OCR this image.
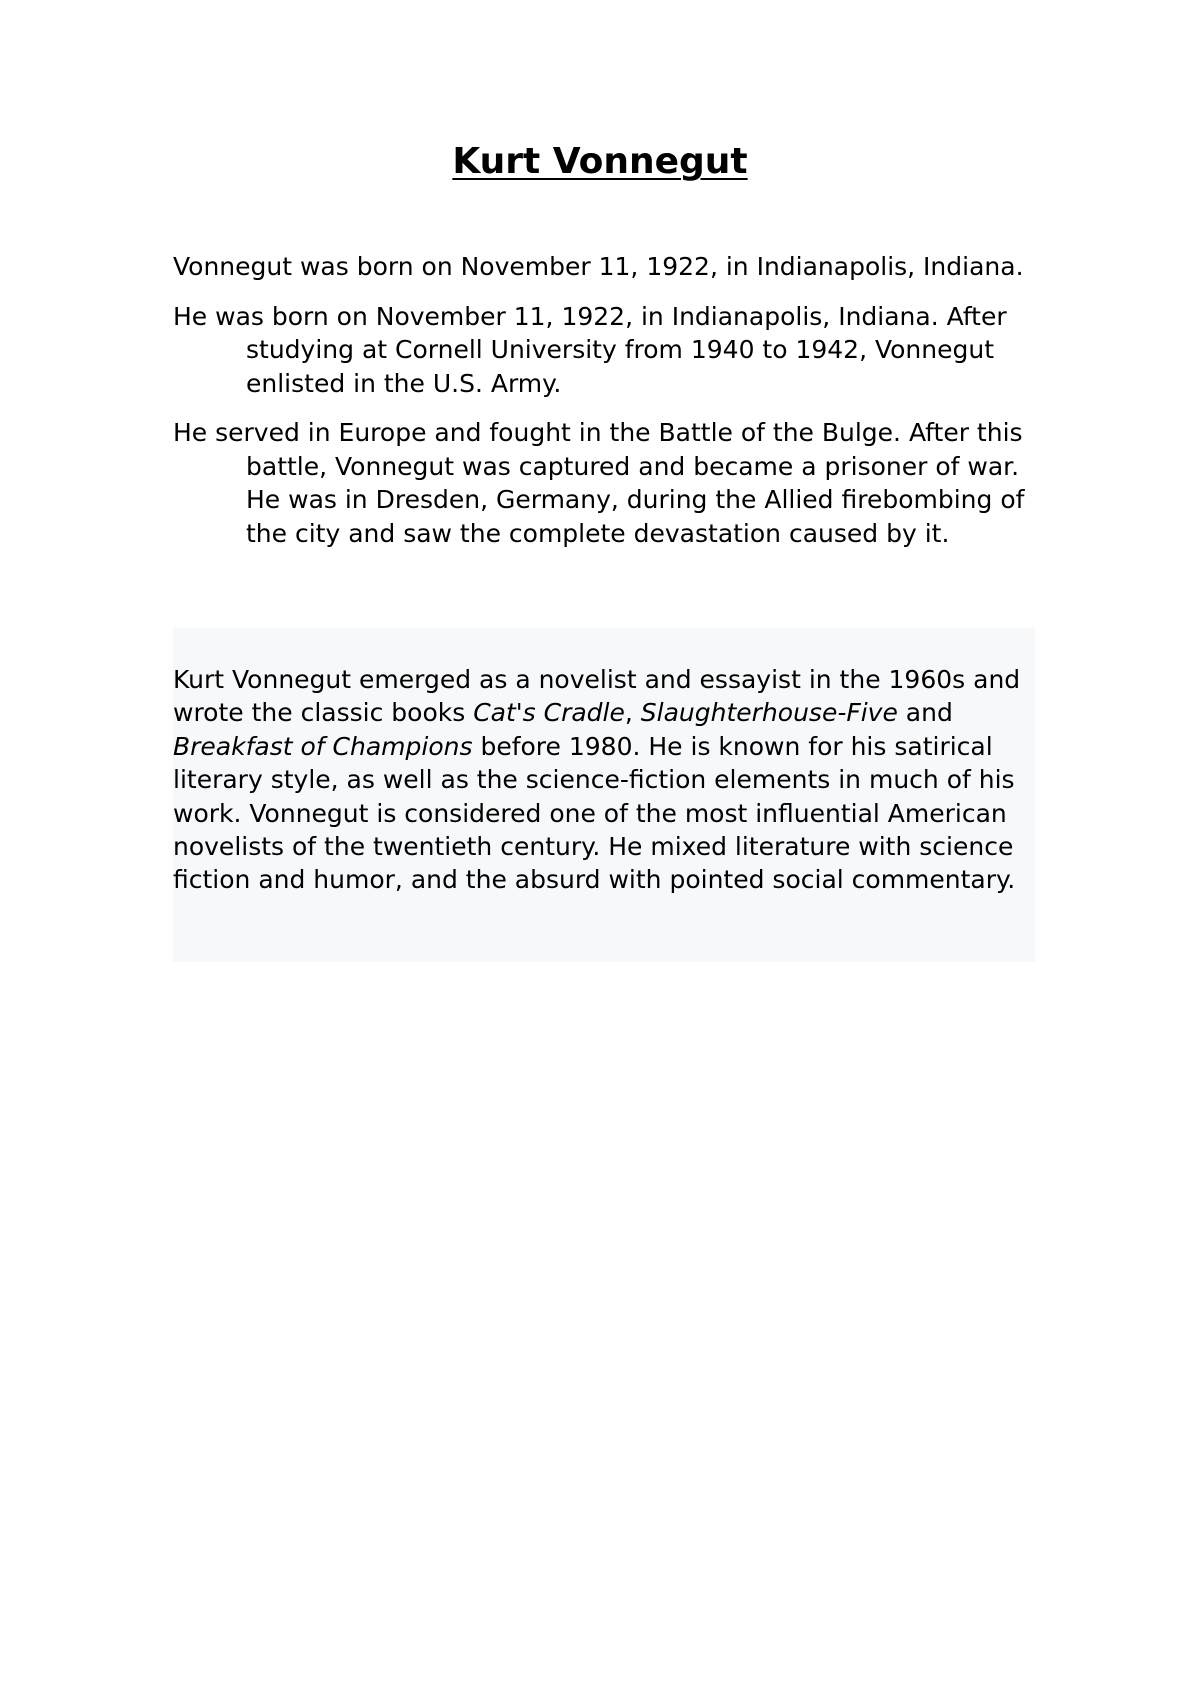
Kurt Vonnegut

Vonnegut was born on November 11, 1922, in Indianapolis, Indiana.

He was born on November 11, 1922, in Indianapolis, Indiana. After studying at Cornell University from 1940 to 1942, Vonnegut enlisted in the U.S. Army.

He served in Europe and fought in the Battle of the Bulge. After this battle, Vonnegut was captured and became a prisoner of war. He was in Dresden, Germany, during the Allied firebombing of the city and saw the complete devastation caused by it.

Kurt Vonnegut emerged as a novelist and essayist in the 1960s and wrote the classic books Cat's Cradle, Slaughterhouse-Five and Breakfast of Champions before 1980. He is known for his satirical literary style, as well as the science-fiction elements in much of his work. Vonnegut is considered one of the most influential American novelists of the twentieth century. He mixed literature with science fiction and humor, and the absurd with pointed social commentary.
